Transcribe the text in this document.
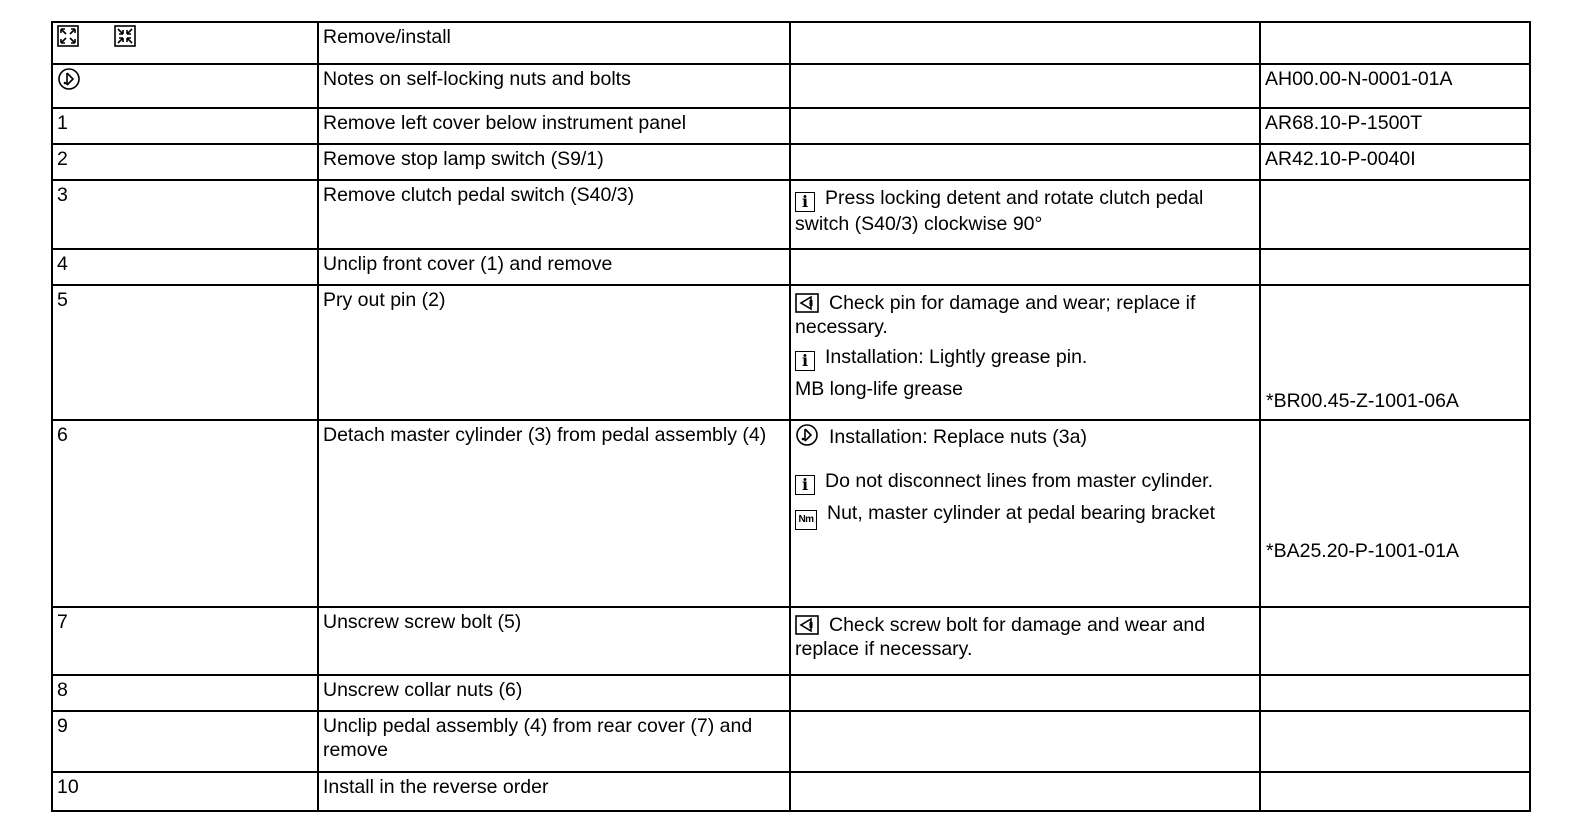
	Remove/install		
	Notes on self-locking nuts and bolts		AH00.00-N-0001-01A
1	Remove left cover below instrument panel		AR68.10-P-1500T
2	Remove stop lamp switch (S9/1)		AR42.10-P-0040I
3	Remove clutch pedal switch (S40/3)	i Press locking detent and rotate clutch pedal switch (S40/3) clockwise 90°	

4	Unclip front cover (1) and remove		
5	Pry out pin (2)	Check pin for damage and wear; replace if necessary.
i Installation: Lightly grease pin.
MB long-life grease	*BR00.45-Z-1001-06A

6	Detach master cylinder (3) from pedal assembly (4)	Installation: Replace nuts (3a)
i Do not disconnect lines from master cylinder.
Nm Nut, master cylinder at pedal bearing bracket	*BA25.20-P-1001-01A

7	Unscrew screw bolt (5)	Check screw bolt for damage and wear and replace if necessary.	

8	Unscrew collar nuts (6)		
9	Unclip pedal assembly (4) from rear cover (7) and remove		
10	Install in the reverse order		
